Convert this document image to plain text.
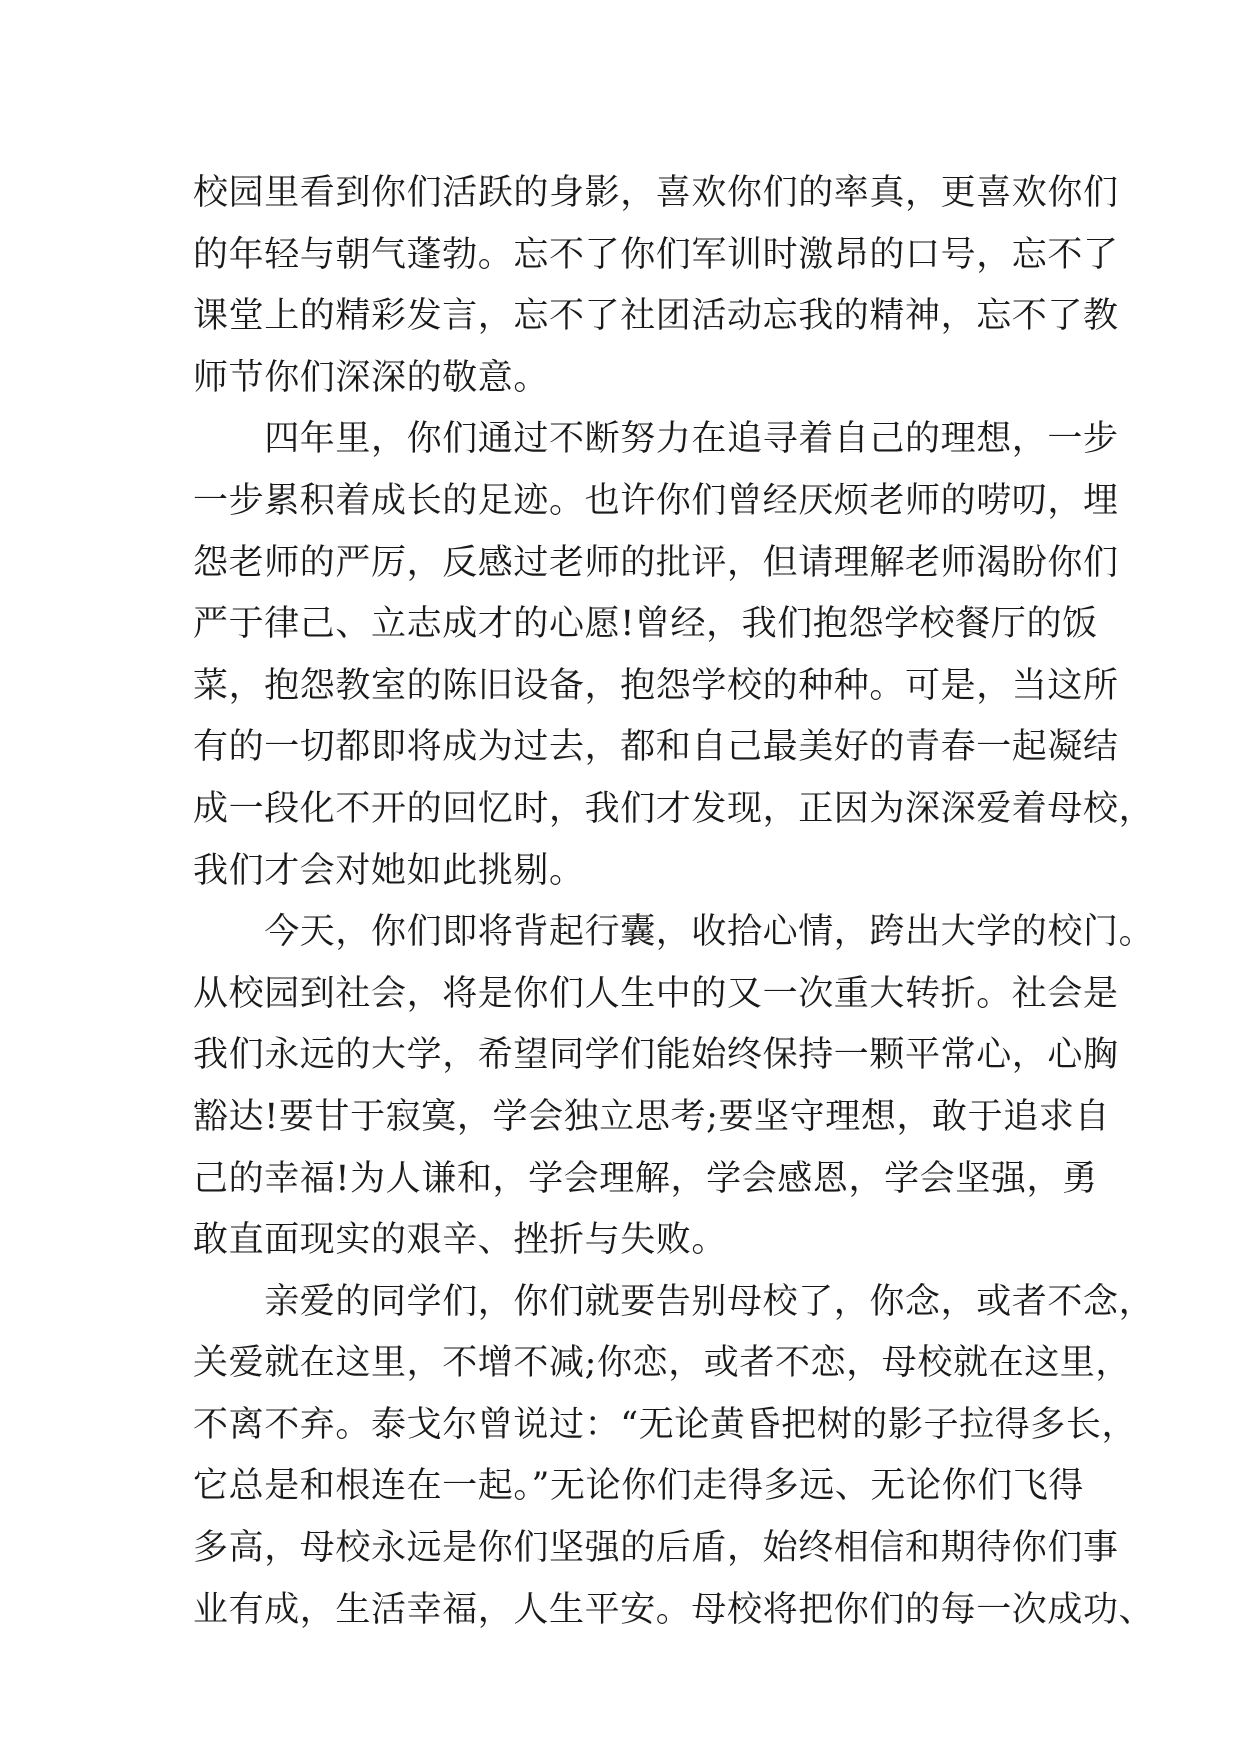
校园里看到你们活跃的身影，喜欢你们的率真，更喜欢你们
的年轻与朝气蓬勃。忘不了你们军训时激昂的口号，忘不了
课堂上的精彩发言，忘不了社团活动忘我的精神，忘不了教
师节你们深深的敬意。
　　四年里，你们通过不断努力在追寻着自己的理想，一步
一步累积着成长的足迹。也许你们曾经厌烦老师的唠叨，埋
怨老师的严厉，反感过老师的批评，但请理解老师渴盼你们
严于律己、立志成才的心愿!曾经，我们抱怨学校餐厅的饭
菜，抱怨教室的陈旧设备，抱怨学校的种种。可是，当这所
有的一切都即将成为过去，都和自己最美好的青春一起凝结
成一段化不开的回忆时，我们才发现，正因为深深爱着母校，
我们才会对她如此挑剔。
　　今天，你们即将背起行囊，收拾心情，跨出大学的校门。
从校园到社会，将是你们人生中的又一次重大转折。社会是
我们永远的大学，希望同学们能始终保持一颗平常心，心胸
豁达!要甘于寂寞，学会独立思考;要坚守理想，敢于追求自
己的幸福!为人谦和，学会理解，学会感恩，学会坚强，勇
敢直面现实的艰辛、挫折与失败。
　　亲爱的同学们，你们就要告别母校了，你念，或者不念，
关爱就在这里，不增不减;你恋，或者不恋，母校就在这里，
不离不弃。泰戈尔曾说过：“无论黄昏把树的影子拉得多长，
它总是和根连在一起。”无论你们走得多远、无论你们飞得
多高，母校永远是你们坚强的后盾，始终相信和期待你们事
业有成，生活幸福，人生平安。母校将把你们的每一次成功、
